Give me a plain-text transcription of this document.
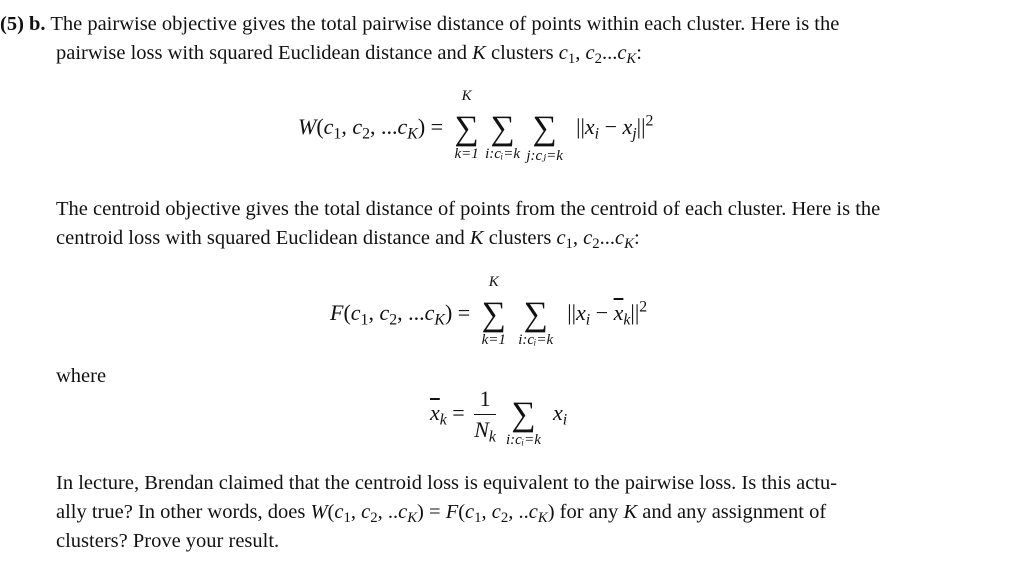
(5) b. The pairwise objective gives the total pairwise distance of points within each cluster. Here is the
pairwise loss with squared Euclidean distance and K clusters $c_1$, $c_2...c_K$:
$W(c_1$, $c_2$, $...c_K$) =
K
∑
k=1
∑
i:cᵢ=k
∑
j:cⱼ=k
$||x_i - x_j||^2$
The centroid objective gives the total distance of points from the centroid of each cluster. Here is the
centroid loss with squared Euclidean distance and K clusters $c_1$, $c_2...c_K$:
$F(c_1$, $c_2$, $...c_K$) =
K
∑
k=1
∑
i:cᵢ=k
$||x_i - \overline{x}_k||^2$
where
$\overline{x}_k = \frac{1}{N_k}$
∑
i:cᵢ=k
$x_i$
In lecture, Brendan claimed that the centroid loss is equivalent to the pairwise loss. Is this actu-
ally true? In other words, does $W(c_1$, $c_2$, $..c_K) = F(c_1$, $c_2$, $..c_K$) for any K and any assignment of
clusters? Prove your result.
